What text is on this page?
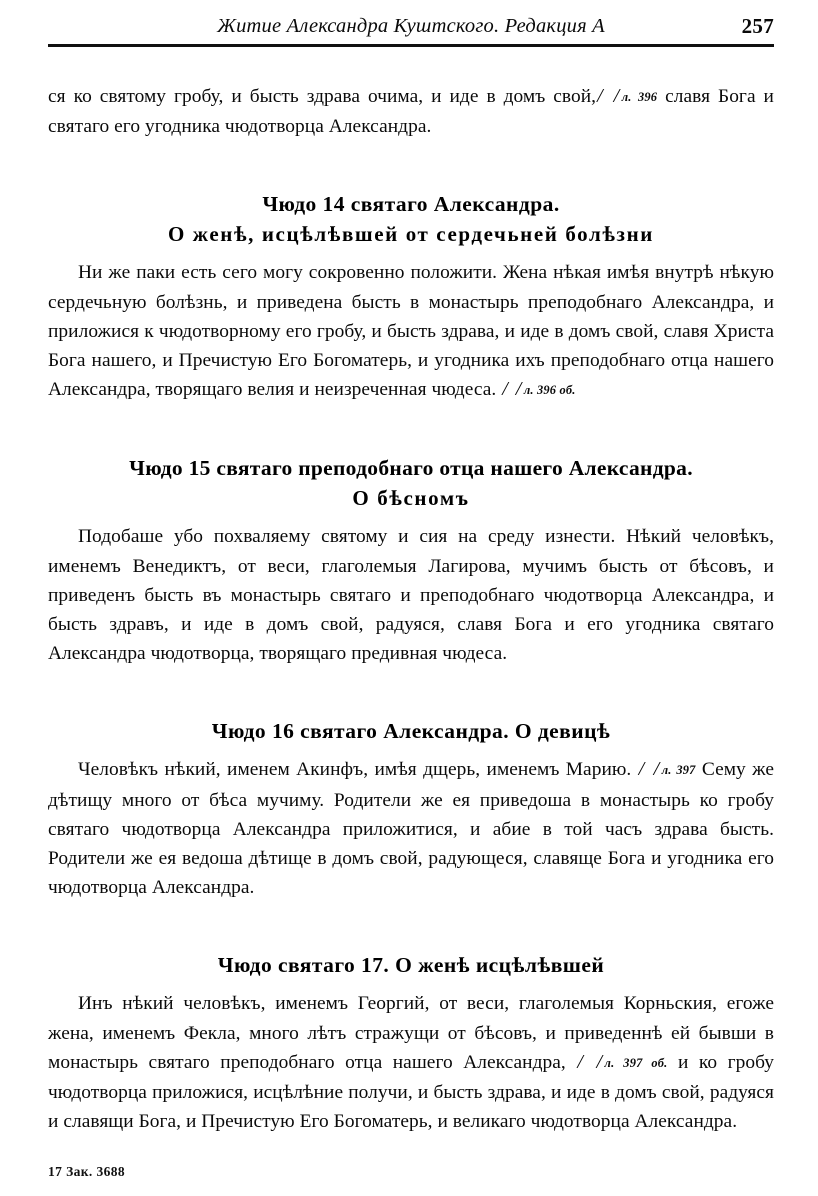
Житие Александра Куштского. Редакция А	257

ся ко святому гробу, и бысть здрава очима, и иде в домъ свой,/ /л. 396 славя Бога и святаго его угодника чюдотворца Александра.

Чюдо 14 святаго Александра.
О женѣ, исцѣлѣвшей от сердечьней болѣзни

Ни же паки есть сего могу сокровенно положити. Жена нѣкая имѣя внутрѣ нѣкую сердечьную болѣзнь, и приведена бысть в монастырь преподобнаго Александра, и приложися к чюдотворному его гробу, и бысть здрава, и иде в домъ свой, славя Христа Бога нашего, и Пречистую Его Богоматерь, и угодника ихъ преподобнаго отца нашего Александра, творящаго велия и неизреченная чюдеса. / /л. 396 об.

Чюдо 15 святаго преподобнаго отца нашего Александра.
О бѣсномъ

Подобаше убо похваляему святому и сия на среду изнести. Нѣкий человѣкъ, именемъ Венедиктъ, от веси, глаголемыя Лагирова, мучимъ бысть от бѣсовъ, и приведенъ бысть въ монастырь святаго и преподобнаго чюдотворца Александра, и бысть здравъ, и иде в домъ свой, радуяся, славя Бога и его угодника святаго Александра чюдотворца, творящаго предивная чюдеса.

Чюдо 16 святаго Александра. О девицѣ

Человѣкъ нѣкий, именем Акинфъ, имѣя дщерь, именемъ Марию. / /л. 397 Сему же дѣтищу много от бѣса мучиму. Родители же ея приведоша в монастырь ко гробу святаго чюдотворца Александра приложитися, и абие в той часъ здрава бысть. Родители же ея ведоша дѣтище в домъ свой, радующеся, славяще Бога и угодника его чюдотворца Александра.

Чюдо святаго 17. О женѣ исцѣлѣвшей

Инъ нѣкий человѣкъ, именемъ Георгий, от веси, глаголемыя Корньския, егоже жена, именемъ Фекла, много лѣтъ стражущи от бѣсовъ, и приведеннѣ ей бывши в монастырь святаго преподобнаго отца нашего Александра, / /л. 397 об. и ко гробу чюдотворца приложися, исцѣлѣние получи, и бысть здрава, и иде в домъ свой, радуяся и славящи Бога, и Пречистую Его Богоматерь, и великаго чюдотворца Александра.

17 Зак. 3688
